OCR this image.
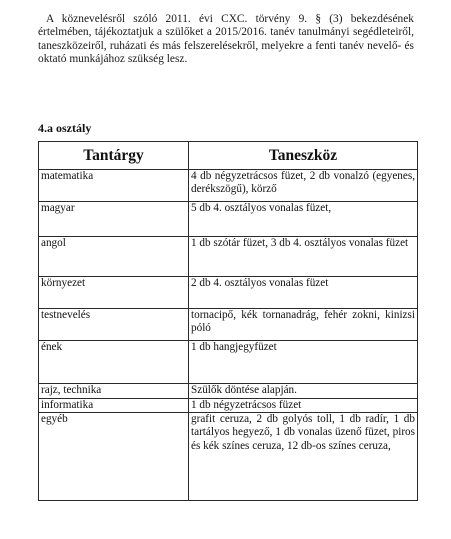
A köznevelésről szóló 2011. évi CXC. törvény 9. § (3) bekezdésének értelmében, tájékoztatjuk a szülőket a 2015/2016. tanév tanulmányi segédleteiről, taneszközeiről, ruházati és más felszerelésekről, melyekre a fenti tanév nevelő- és oktató munkájához szükség lesz.

4.a osztály

Tantárgy	Taneszköz
matematika	4 db négyzetrácsos füzet, 2 db vonalzó (egyenes, derékszögű), körző
magyar	5 db 4. osztályos vonalas füzet,
angol	1 db szótár füzet, 3 db 4. osztályos vonalas füzet
környezet	2 db 4. osztályos vonalas füzet
testnevelés	tornacipő, kék tornanadrág, fehér zokni, kinizsi póló
ének	1 db hangjegyfüzet
rajz, technika	Szülők döntése alapján.
informatika	1 db négyzetrácsos füzet
egyéb	grafit ceruza, 2 db golyós toll, 1 db radír, 1 db tartályos hegyező, 1 db vonalas üzenő füzet, piros és kék színes ceruza, 12 db-os színes ceruza,
